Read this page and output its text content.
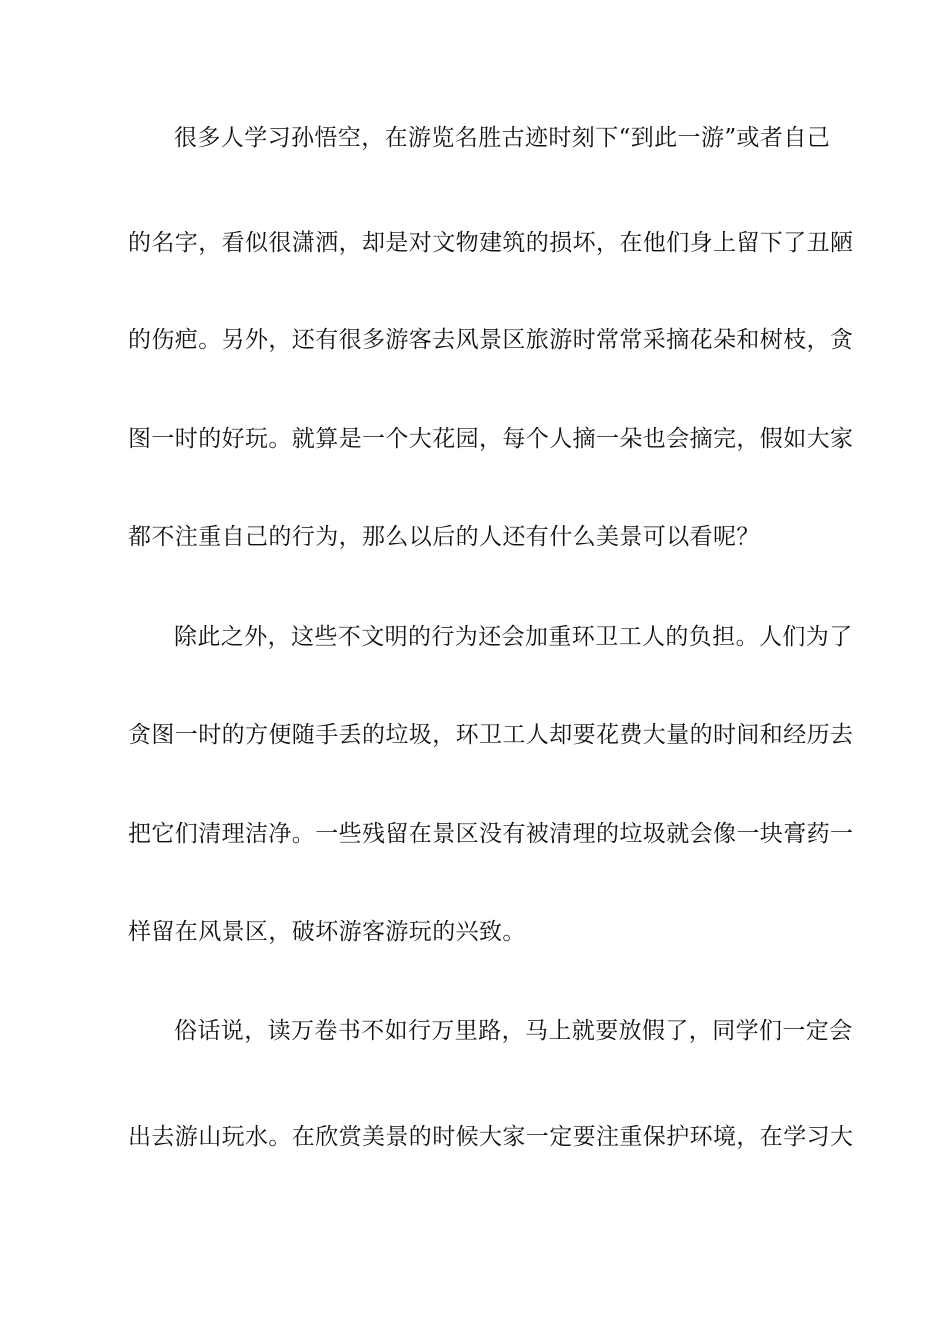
很多人学习孙悟空，在游览名胜古迹时刻下“到此一游”或者自己
的名字，看似很潇洒，却是对文物建筑的损坏，在他们身上留下了丑陋
的伤疤。另外，还有很多游客去风景区旅游时常常采摘花朵和树枝，贪
图一时的好玩。就算是一个大花园，每个人摘一朵也会摘完，假如大家
都不注重自己的行为，那么以后的人还有什么美景可以看呢？
除此之外，这些不文明的行为还会加重环卫工人的负担。人们为了
贪图一时的方便随手丢的垃圾，环卫工人却要花费大量的时间和经历去
把它们清理洁净。一些残留在景区没有被清理的垃圾就会像一块膏药一
样留在风景区，破坏游客游玩的兴致。
俗话说，读万卷书不如行万里路，马上就要放假了，同学们一定会
出去游山玩水。在欣赏美景的时候大家一定要注重保护环境，在学习大
